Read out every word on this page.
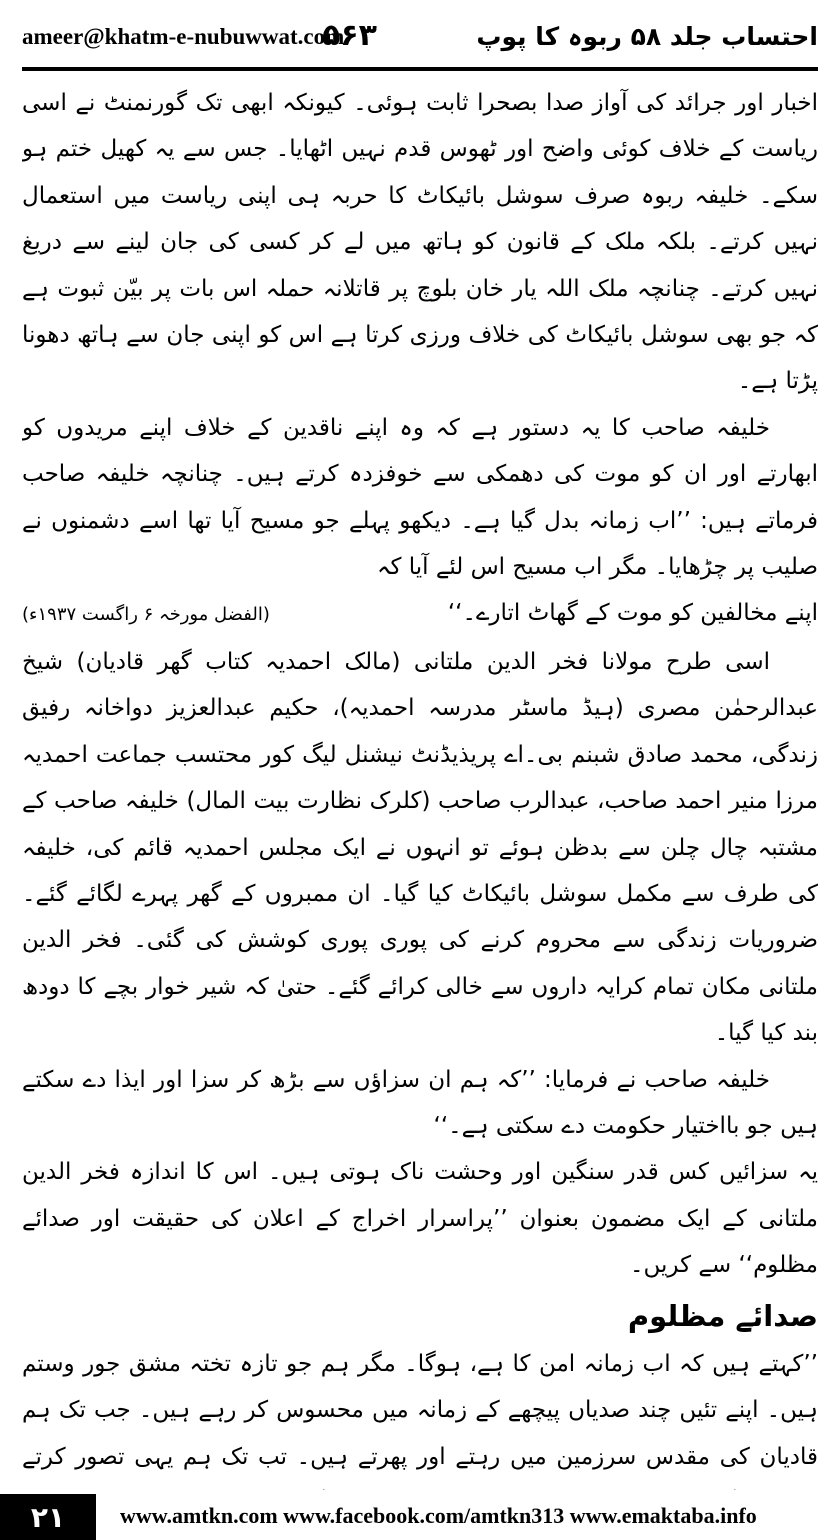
ameer@khatm-e-nubuwwat.com
۵۶۳	احتساب جلد ۵۸ ربوہ کا پوپ

اخبار اور جرائد کی آواز صدا بصحرا ثابت ہوئی۔ کیونکہ ابھی تک گورنمنٹ نے اسی ریاست کے خلاف کوئی واضح اور ٹھوس قدم نہیں اٹھایا۔ جس سے یہ کھیل ختم ہو سکے۔ خلیفہ ربوہ صرف سوشل بائیکاٹ کا حربہ ہی اپنی ریاست میں استعمال نہیں کرتے۔ بلکہ ملک کے قانون کو ہاتھ میں لے کر کسی کی جان لینے سے دریغ نہیں کرتے۔ چنانچہ ملک اللہ یار خان بلوچ پر قاتلانہ حملہ اس بات پر بیّن ثبوت ہے کہ جو بھی سوشل بائیکاٹ کی خلاف ورزی کرتا ہے اس کو اپنی جان سے ہاتھ دھونا پڑتا ہے۔

خلیفہ صاحب کا یہ دستور ہے کہ وہ اپنے ناقدین کے خلاف اپنے مریدوں کو ابھارتے اور ان کو موت کی دھمکی سے خوفزدہ کرتے ہیں۔ چنانچہ خلیفہ صاحب فرماتے ہیں: ’’اب زمانہ بدل گیا ہے۔ دیکھو پہلے جو مسیح آیا تھا اسے دشمنوں نے صلیب پر چڑھایا۔ مگر اب مسیح اس لئے آیا کہ

اپنے مخالفین کو موت کے گھاٹ اتارے۔‘‘
(الفضل مورخہ ۶ راگست ۱۹۳۷ء)

اسی طرح مولانا فخر الدین ملتانی (مالک احمدیہ کتاب گھر قادیان) شیخ عبدالرحمٰن مصری (ہیڈ ماسٹر مدرسہ احمدیہ)، حکیم عبدالعزیز دواخانہ رفیق زندگی، محمد صادق شبنم بی۔اے پریذیڈنٹ نیشنل لیگ کور محتسب جماعت احمدیہ مرزا منیر احمد صاحب، عبدالرب صاحب (کلرک نظارت بیت المال) خلیفہ صاحب کے مشتبہ چال چلن سے بدظن ہوئے تو انہوں نے ایک مجلس احمدیہ قائم کی، خلیفہ کی طرف سے مکمل سوشل بائیکاٹ کیا گیا۔ ان ممبروں کے گھر پہرے لگائے گئے۔ ضروریات زندگی سے محروم کرنے کی پوری پوری کوشش کی گئی۔ فخر الدین ملتانی مکان تمام کرایہ داروں سے خالی کرائے گئے۔ حتیٰ کہ شیر خوار بچے کا دودھ بند کیا گیا۔

خلیفہ صاحب نے فرمایا: ’’کہ ہم ان سزاؤں سے بڑھ کر سزا اور ایذا دے سکتے ہیں جو بااختیار حکومت دے سکتی ہے۔‘‘

یہ سزائیں کس قدر سنگین اور وحشت ناک ہوتی ہیں۔ اس کا اندازہ فخر الدین ملتانی کے ایک مضمون بعنوان ’’پراسرار اخراج کے اعلان کی حقیقت اور صدائے مظلوم‘‘ سے کریں۔

صدائے مظلوم

’’کہتے ہیں کہ اب زمانہ امن کا ہے، ہوگا۔ مگر ہم جو تازہ تختہ مشق جور وستم ہیں۔ اپنے تئیں چند صدیاں پیچھے کے زمانہ میں محسوس کر رہے ہیں۔ جب تک ہم قادیان کی مقدس سرزمین میں رہتے اور پھرتے ہیں۔ تب تک ہم یہی تصور کرتے

۲۱	www.amtkn.com www.facebook.com/amtkn313 www.emaktaba.info
